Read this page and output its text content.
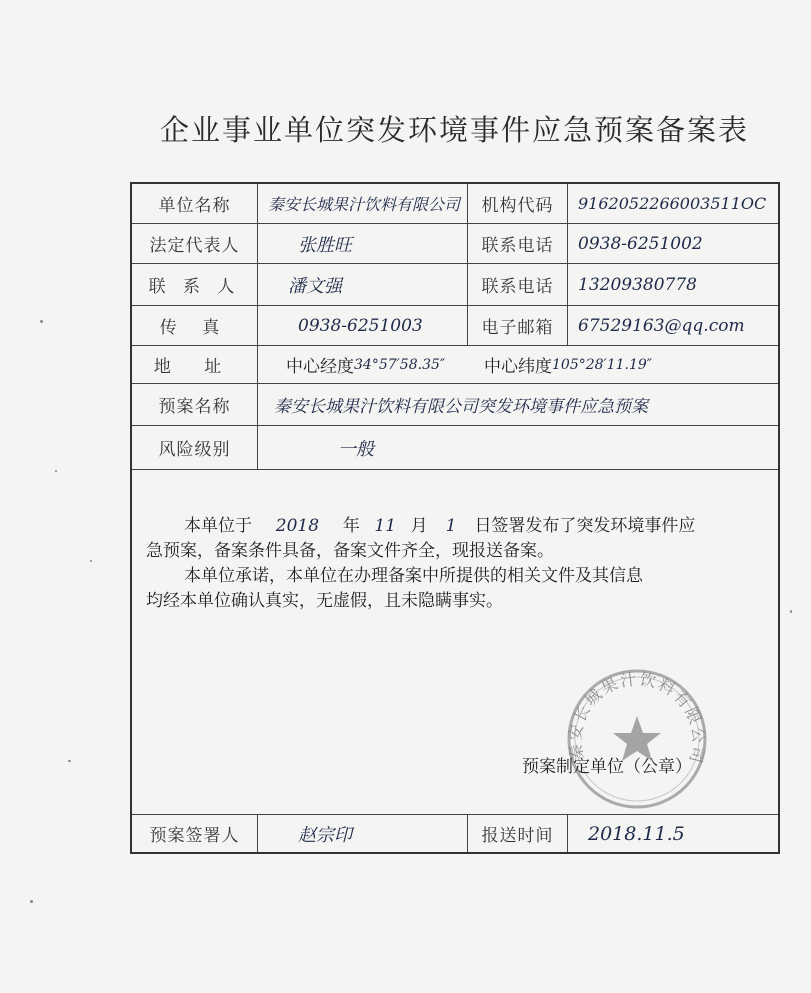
企业事业单位突发环境事件应急预案备案表
单位名称	秦安长城果汁饮料有限公司	机构代码	9162052266003511OC
法定代表人	张胜旺	联系电话	0938-6251002
联 系 人	潘文强	联系电话	13209380778
传 真	0938-6251003	电子邮箱	67529163@qq.com
地 址	中心经度 34°57′58.35″	中心纬度 105°28′11.19″
预案名称	秦安长城果汁饮料有限公司突发环境事件应急预案
风险级别	一般
本单位于 2018 年 11 月 1 日签署发布了突发环境事件应
急预案，备案条件具备，备案文件齐全，现报送备案。
本单位承诺，本单位在办理备案中所提供的相关文件及其信息
均经本单位确认真实，无虚假，且未隐瞒事实。
秦安长城果汁饮料有限公司
预案制定单位（公章）
预案签署人	赵宗印	报送时间	2018.11.5
